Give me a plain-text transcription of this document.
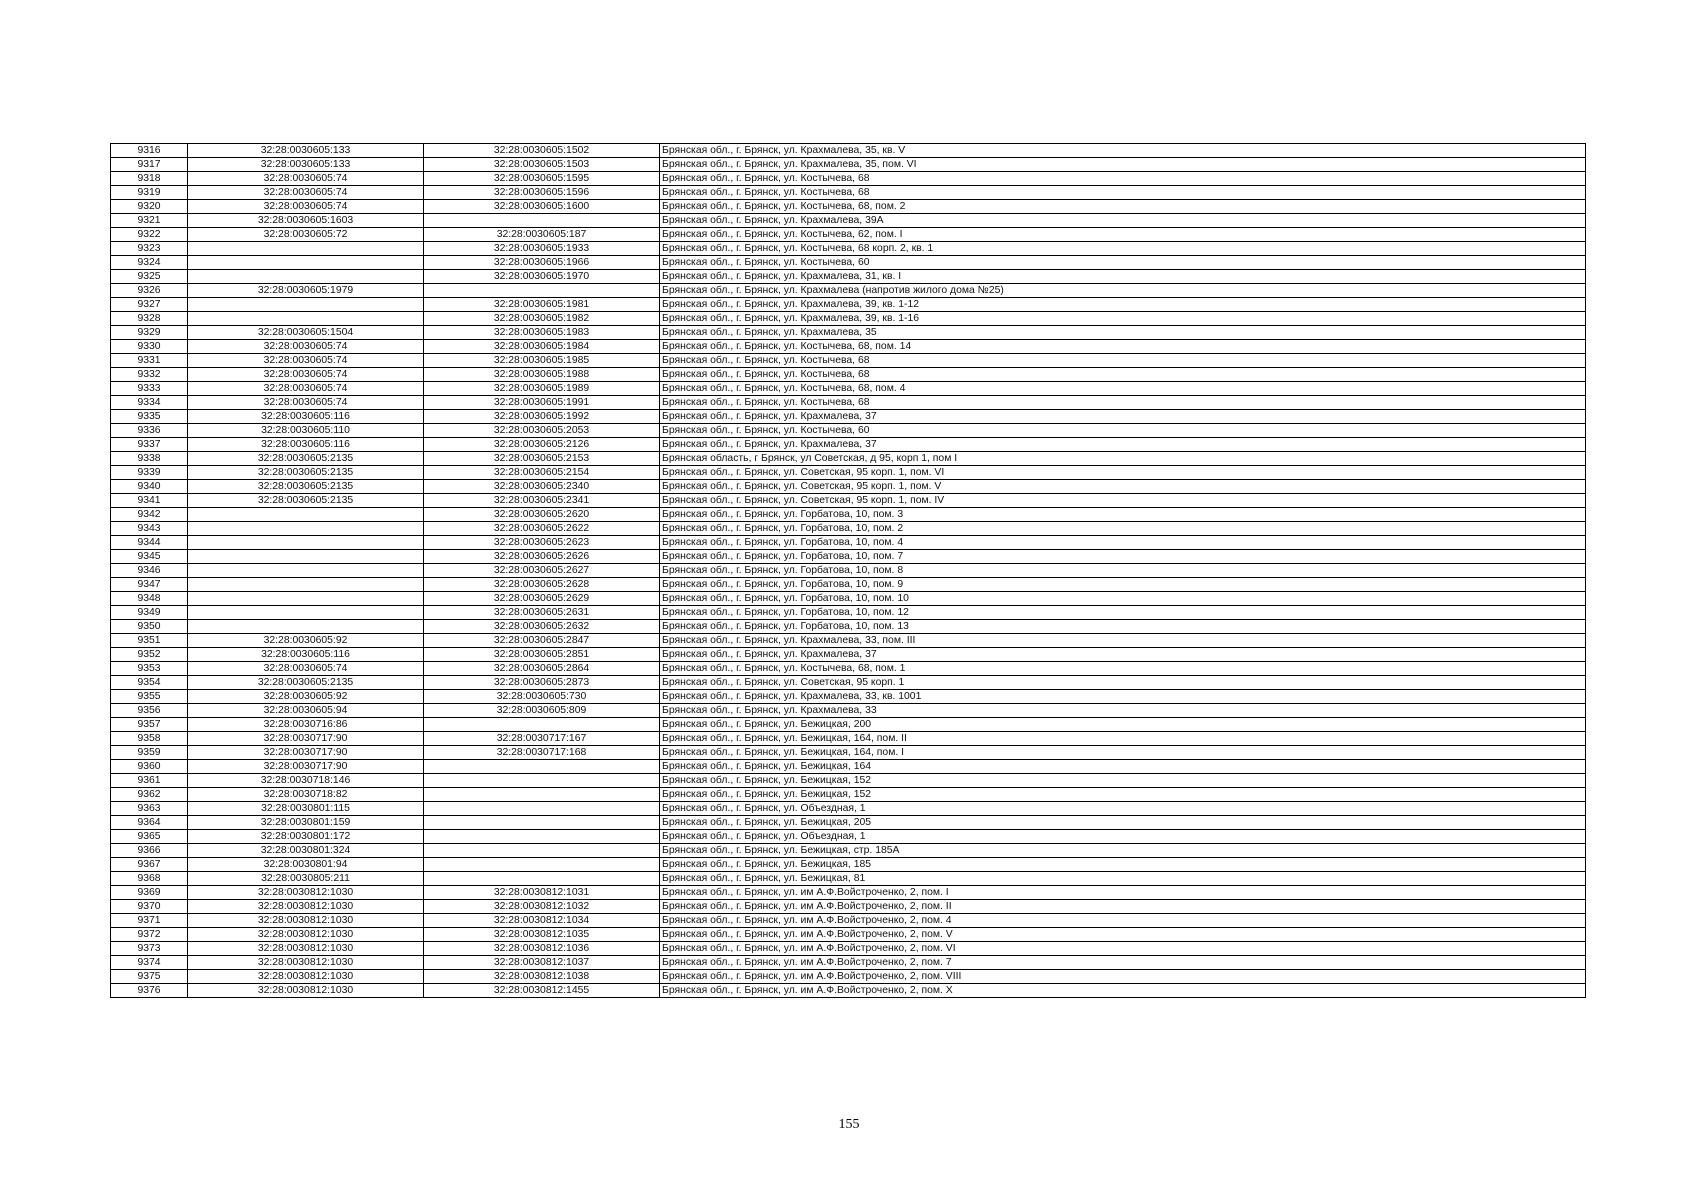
9316	32:28:0030605:133	32:28:0030605:1502	Брянская обл., г. Брянск, ул. Крахмалева, 35, кв. V
9317	32:28:0030605:133	32:28:0030605:1503	Брянская обл., г. Брянск, ул. Крахмалева, 35, пом. VI
9318	32:28:0030605:74	32:28:0030605:1595	Брянская обл., г. Брянск, ул. Костычева, 68
9319	32:28:0030605:74	32:28:0030605:1596	Брянская обл., г. Брянск, ул. Костычева, 68
9320	32:28:0030605:74	32:28:0030605:1600	Брянская обл., г. Брянск, ул. Костычева, 68, пом. 2
9321	32:28:0030605:1603		Брянская обл., г. Брянск, ул. Крахмалева, 39А
9322	32:28:0030605:72	32:28:0030605:187	Брянская обл., г. Брянск, ул. Костычева, 62, пом. I
9323		32:28:0030605:1933	Брянская обл., г. Брянск, ул. Костычева, 68 корп. 2, кв. 1
9324		32:28:0030605:1966	Брянская обл., г. Брянск, ул. Костычева, 60
9325		32:28:0030605:1970	Брянская обл., г. Брянск, ул. Крахмалева, 31, кв. I
9326	32:28:0030605:1979		Брянская обл., г. Брянск, ул. Крахмалева (напротив жилого дома №25)
9327		32:28:0030605:1981	Брянская обл., г. Брянск, ул. Крахмалева, 39, кв. 1-12
9328		32:28:0030605:1982	Брянская обл., г. Брянск, ул. Крахмалева, 39, кв. 1-16
9329	32:28:0030605:1504	32:28:0030605:1983	Брянская обл., г. Брянск, ул. Крахмалева, 35
9330	32:28:0030605:74	32:28:0030605:1984	Брянская обл., г. Брянск, ул. Костычева, 68, пом. 14
9331	32:28:0030605:74	32:28:0030605:1985	Брянская обл., г. Брянск, ул. Костычева, 68
9332	32:28:0030605:74	32:28:0030605:1988	Брянская обл., г. Брянск, ул. Костычева, 68
9333	32:28:0030605:74	32:28:0030605:1989	Брянская обл., г. Брянск, ул. Костычева, 68, пом. 4
9334	32:28:0030605:74	32:28:0030605:1991	Брянская обл., г. Брянск, ул. Костычева, 68
9335	32:28:0030605:116	32:28:0030605:1992	Брянская обл., г. Брянск, ул. Крахмалева, 37
9336	32:28:0030605:110	32:28:0030605:2053	Брянская обл., г. Брянск, ул. Костычева, 60
9337	32:28:0030605:116	32:28:0030605:2126	Брянская обл., г. Брянск, ул. Крахмалева, 37
9338	32:28:0030605:2135	32:28:0030605:2153	Брянская область, г Брянск, ул Советская, д 95, корп 1, пом I
9339	32:28:0030605:2135	32:28:0030605:2154	Брянская обл., г. Брянск, ул. Советская, 95 корп. 1, пом. VI
9340	32:28:0030605:2135	32:28:0030605:2340	Брянская обл., г. Брянск, ул. Советская, 95 корп. 1, пом. V
9341	32:28:0030605:2135	32:28:0030605:2341	Брянская обл., г. Брянск, ул. Советская, 95 корп. 1, пом. IV
9342		32:28:0030605:2620	Брянская обл., г. Брянск, ул. Горбатова, 10, пом. 3
9343		32:28:0030605:2622	Брянская обл., г. Брянск, ул. Горбатова, 10, пом. 2
9344		32:28:0030605:2623	Брянская обл., г. Брянск, ул. Горбатова, 10, пом. 4
9345		32:28:0030605:2626	Брянская обл., г. Брянск, ул. Горбатова, 10, пом. 7
9346		32:28:0030605:2627	Брянская обл., г. Брянск, ул. Горбатова, 10, пом. 8
9347		32:28:0030605:2628	Брянская обл., г. Брянск, ул. Горбатова, 10, пом. 9
9348		32:28:0030605:2629	Брянская обл., г. Брянск, ул. Горбатова, 10, пом. 10
9349		32:28:0030605:2631	Брянская обл., г. Брянск, ул. Горбатова, 10, пом. 12
9350		32:28:0030605:2632	Брянская обл., г. Брянск, ул. Горбатова, 10, пом. 13
9351	32:28:0030605:92	32:28:0030605:2847	Брянская обл., г. Брянск, ул. Крахмалева, 33, пом. III
9352	32:28:0030605:116	32:28:0030605:2851	Брянская обл., г. Брянск, ул. Крахмалева, 37
9353	32:28:0030605:74	32:28:0030605:2864	Брянская обл., г. Брянск, ул. Костычева, 68, пом. 1
9354	32:28:0030605:2135	32:28:0030605:2873	Брянская обл., г. Брянск, ул. Советская, 95 корп. 1
9355	32:28:0030605:92	32:28:0030605:730	Брянская обл., г. Брянск, ул. Крахмалева, 33, кв. 1001
9356	32:28:0030605:94	32:28:0030605:809	Брянская обл., г. Брянск, ул. Крахмалева, 33
9357	32:28:0030716:86		Брянская обл., г. Брянск, ул. Бежицкая, 200
9358	32:28:0030717:90	32:28:0030717:167	Брянская обл., г. Брянск, ул. Бежицкая, 164, пом. II
9359	32:28:0030717:90	32:28:0030717:168	Брянская обл., г. Брянск, ул. Бежицкая, 164, пом. I
9360	32:28:0030717:90		Брянская обл., г. Брянск, ул. Бежицкая, 164
9361	32:28:0030718:146		Брянская обл., г. Брянск, ул. Бежицкая, 152
9362	32:28:0030718:82		Брянская обл., г. Брянск, ул. Бежицкая, 152
9363	32:28:0030801:115		Брянская обл., г. Брянск, ул. Объездная, 1
9364	32:28:0030801:159		Брянская обл., г. Брянск, ул. Бежицкая, 205
9365	32:28:0030801:172		Брянская обл., г. Брянск, ул. Объездная, 1
9366	32:28:0030801:324		Брянская обл., г. Брянск, ул. Бежицкая, стр. 185А
9367	32:28:0030801:94		Брянская обл., г. Брянск, ул. Бежицкая, 185
9368	32:28:0030805:211		Брянская обл., г. Брянск, ул. Бежицкая, 81
9369	32:28:0030812:1030	32:28:0030812:1031	Брянская обл., г. Брянск, ул. им А.Ф.Войстроченко, 2, пом. I
9370	32:28:0030812:1030	32:28:0030812:1032	Брянская обл., г. Брянск, ул. им А.Ф.Войстроченко, 2, пом. II
9371	32:28:0030812:1030	32:28:0030812:1034	Брянская обл., г. Брянск, ул. им А.Ф.Войстроченко, 2, пом. 4
9372	32:28:0030812:1030	32:28:0030812:1035	Брянская обл., г. Брянск, ул. им А.Ф.Войстроченко, 2, пом. V
9373	32:28:0030812:1030	32:28:0030812:1036	Брянская обл., г. Брянск, ул. им А.Ф.Войстроченко, 2, пом. VI
9374	32:28:0030812:1030	32:28:0030812:1037	Брянская обл., г. Брянск, ул. им А.Ф.Войстроченко, 2, пом. 7
9375	32:28:0030812:1030	32:28:0030812:1038	Брянская обл., г. Брянск, ул. им А.Ф.Войстроченко, 2, пом. VIII
9376	32:28:0030812:1030	32:28:0030812:1455	Брянская обл., г. Брянск, ул. им А.Ф.Войстроченко, 2, пом. X
155
